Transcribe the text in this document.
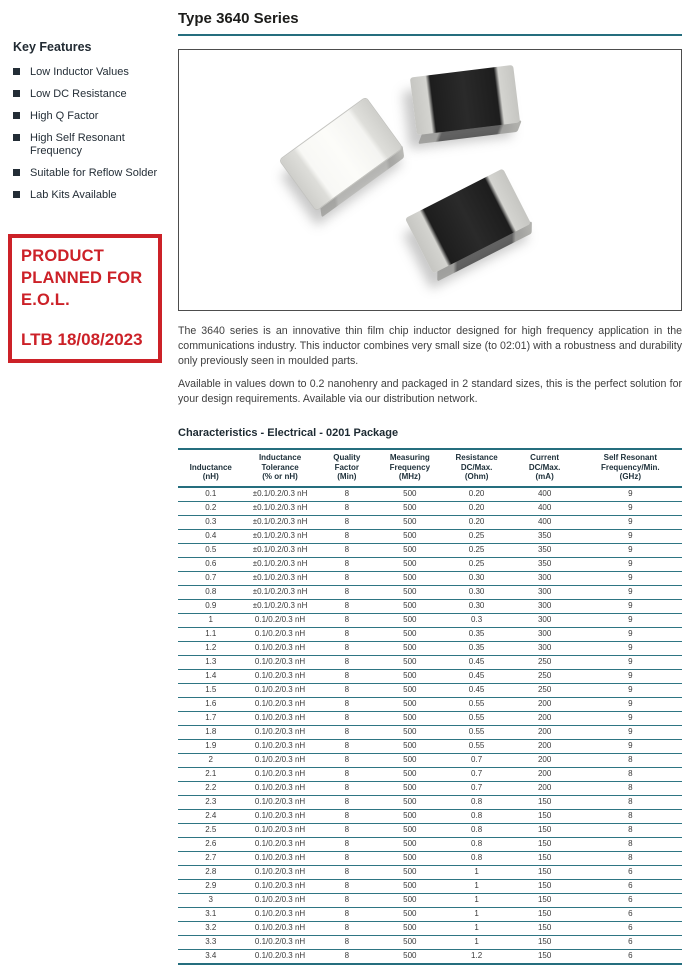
Key Features
Low Inductor Values
Low DC Resistance
High Q Factor
High Self Resonant Frequency
Suitable for Reflow Solder
Lab Kits Available
PRODUCT
PLANNED FOR
E.O.L.
LTB 18/08/2023
Type 3640 Series

The 3640 series is an innovative thin film chip inductor designed for high frequency application in the communications industry. This inductor combines very small size (to 02:01) with a robustness and durability only previously seen in moulded parts.

Available in values down to 0.2 nanohenry and packaged in 2 standard sizes, this is the perfect solution for your design requirements. Available via our distribution network.

Characteristics - Electrical - 0201 Package
Inductance
(nH)	Inductance
Tolerance
(% or nH)	Quality
Factor
(Min)	Measuring
Frequency
(MHz)	Resistance
DC/Max.
(Ohm)	Current
DC/Max.
(mA)	Self Resonant
Frequency/Min.
(GHz)
0.1	±0.1/0.2/0.3 nH	8	500	0.20	400	9
0.2	±0.1/0.2/0.3 nH	8	500	0.20	400	9
0.3	±0.1/0.2/0.3 nH	8	500	0.20	400	9
0.4	±0.1/0.2/0.3 nH	8	500	0.25	350	9
0.5	±0.1/0.2/0.3 nH	8	500	0.25	350	9
0.6	±0.1/0.2/0.3 nH	8	500	0.25	350	9
0.7	±0.1/0.2/0.3 nH	8	500	0.30	300	9
0.8	±0.1/0.2/0.3 nH	8	500	0.30	300	9
0.9	±0.1/0.2/0.3 nH	8	500	0.30	300	9
1	0.1/0.2/0.3 nH	8	500	0.3	300	9
1.1	0.1/0.2/0.3 nH	8	500	0.35	300	9
1.2	0.1/0.2/0.3 nH	8	500	0.35	300	9
1.3	0.1/0.2/0.3 nH	8	500	0.45	250	9
1.4	0.1/0.2/0.3 nH	8	500	0.45	250	9
1.5	0.1/0.2/0.3 nH	8	500	0.45	250	9
1.6	0.1/0.2/0.3 nH	8	500	0.55	200	9
1.7	0.1/0.2/0.3 nH	8	500	0.55	200	9
1.8	0.1/0.2/0.3 nH	8	500	0.55	200	9
1.9	0.1/0.2/0.3 nH	8	500	0.55	200	9
2	0.1/0.2/0.3 nH	8	500	0.7	200	8
2.1	0.1/0.2/0.3 nH	8	500	0.7	200	8
2.2	0.1/0.2/0.3 nH	8	500	0.7	200	8
2.3	0.1/0.2/0.3 nH	8	500	0.8	150	8
2.4	0.1/0.2/0.3 nH	8	500	0.8	150	8
2.5	0.1/0.2/0.3 nH	8	500	0.8	150	8
2.6	0.1/0.2/0.3 nH	8	500	0.8	150	8
2.7	0.1/0.2/0.3 nH	8	500	0.8	150	8
2.8	0.1/0.2/0.3 nH	8	500	1	150	6
2.9	0.1/0.2/0.3 nH	8	500	1	150	6
3	0.1/0.2/0.3 nH	8	500	1	150	6
3.1	0.1/0.2/0.3 nH	8	500	1	150	6
3.2	0.1/0.2/0.3 nH	8	500	1	150	6
3.3	0.1/0.2/0.3 nH	8	500	1	150	6
3.4	0.1/0.2/0.3 nH	8	500	1.2	150	6
